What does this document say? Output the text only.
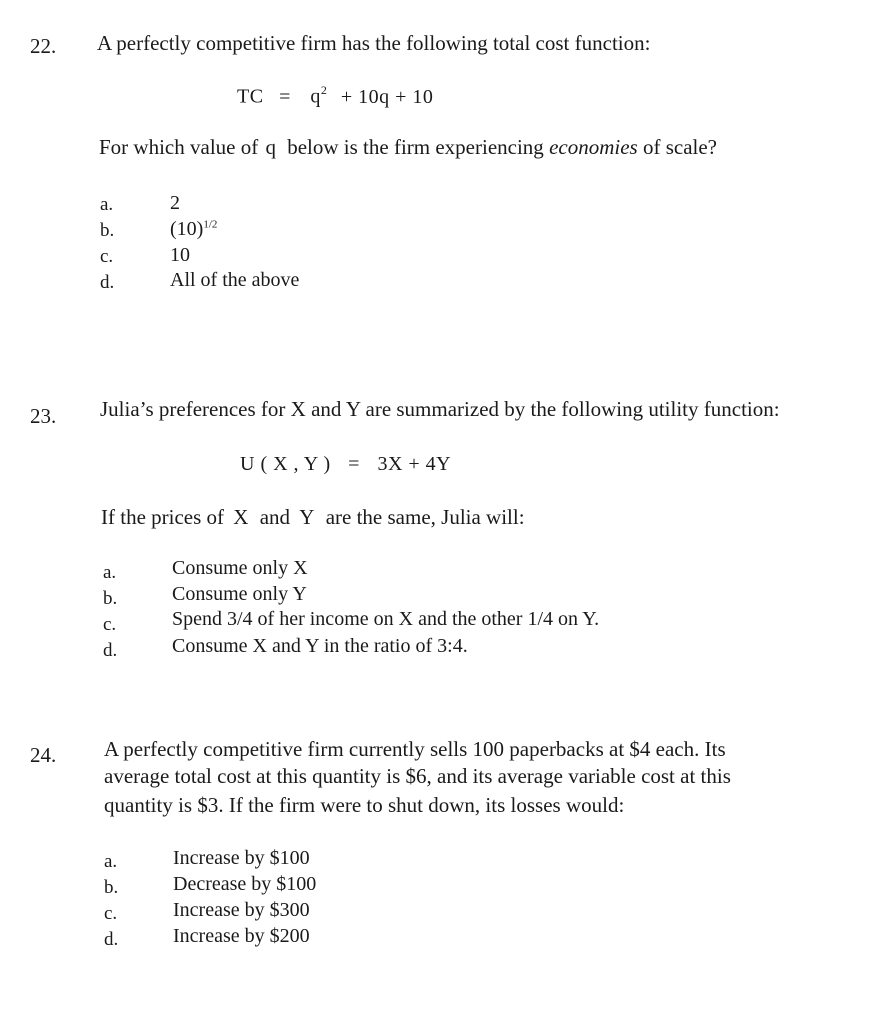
22. A perfectly competitive firm has the following total cost function:
TC = $q^2 + 10q + 10$
For which value of q below is the firm experiencing economies of scale?
a.	2
b.	$(10)^{1/2}$
c.	10
d.	All of the above
23. Julia’s preferences for X and Y are summarized by the following utility function:
U ( X , Y ) = 3X + 4Y
If the prices of X and Y are the same, Julia will:
a.	Consume only X
b.	Consume only Y
c.	Spend 3/4 of her income on X and the other 1/4 on Y.
d.	Consume X and Y in the ratio of 3:4.
24. A perfectly competitive firm currently sells 100 paperbacks at $4 each. Its
average total cost at this quantity is $6, and its average variable cost at this
quantity is $3. If the firm were to shut down, its losses would:
a.	Increase by $100
b.	Decrease by $100
c.	Increase by $300
d.	Increase by $200
